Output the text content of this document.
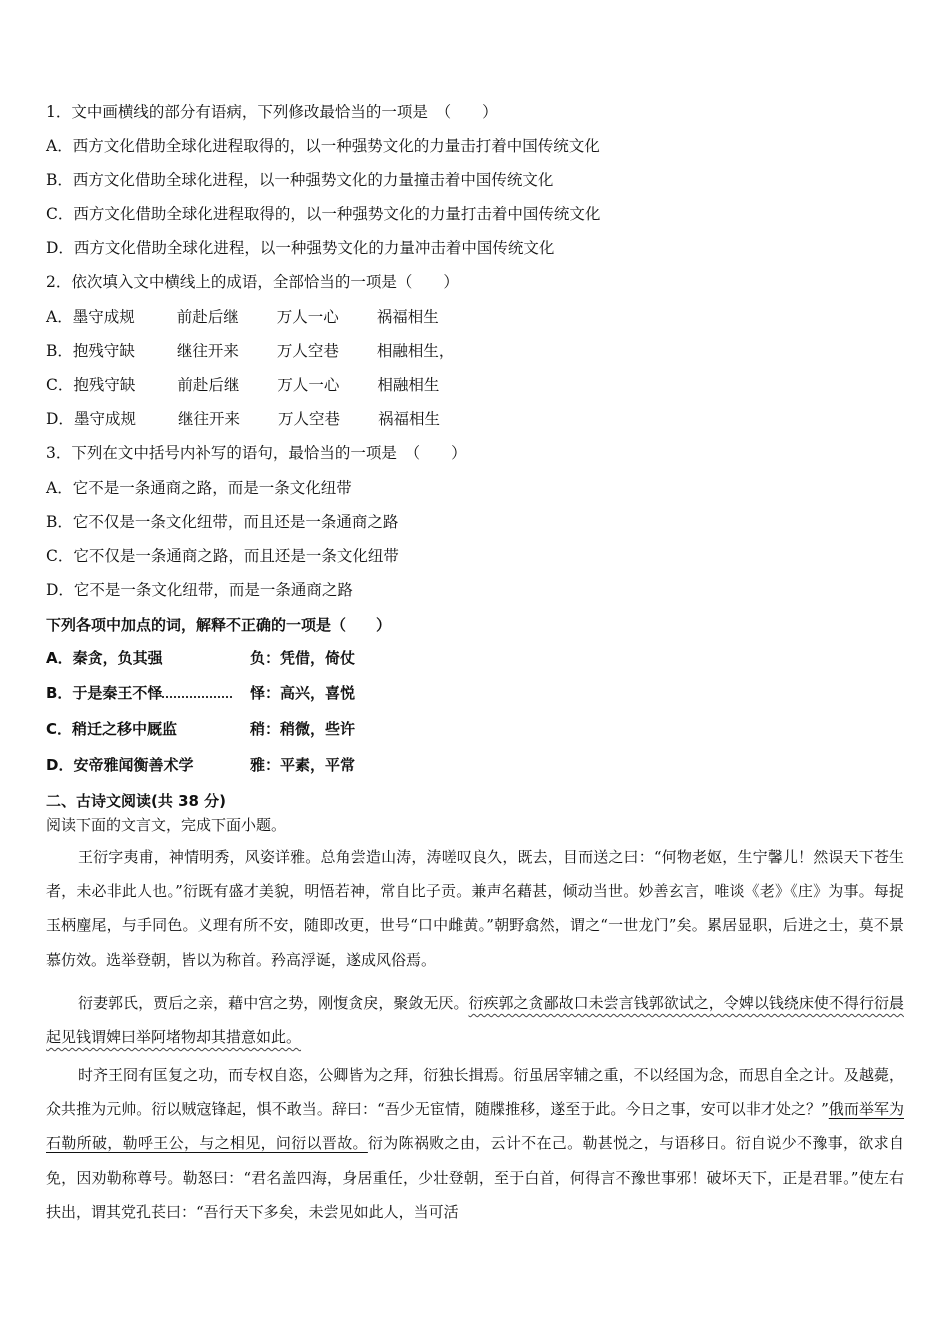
1．文中画横线的部分有语病，下列修改最恰当的一项是　（　　）
A．西方文化借助全球化进程取得的，以一种强势文化的力量击打着中国传统文化
B．西方文化借助全球化进程，以一种强势文化的力量撞击着中国传统文化
C．西方文化借助全球化进程取得的，以一种强势文化的力量打击着中国传统文化
D．西方文化借助全球化进程，以一种强势文化的力量冲击着中国传统文化
2．依次填入文中横线上的成语，全部恰当的一项是（　　）
A．墨守成规	前赴后继 万人一心 祸福相生
B．抱残守缺	继往开来 万人空巷 相融相生，
C．抱残守缺	前赴后继 万人一心 相融相生
D．墨守成规	继往开来 万人空巷 祸福相生
3．下列在文中括号内补写的语句，最恰当的一项是　（　　）
A．它不是一条通商之路，而是一条文化纽带
B．它不仅是一条文化纽带，而且还是一条通商之路
C．它不仅是一条通商之路，而且还是一条文化纽带
D．它不是一条文化纽带，而是一条通商之路
下列各项中加点的词，解释不正确的一项是（　　）
A．秦贪，负其强	负：凭借，倚仗
B．于是秦王不怿	怿：高兴，喜悦
C．稍迁之移中厩监	稍：稍微，些许
D．安帝雅闻衡善术学	雅：平素，平常
二、古诗文阅读(共 38 分)
阅读下面的文言文，完成下面小题。
王衍字夷甫，神情明秀，风姿详雅。总角尝造山涛，涛嗟叹良久，既去，目而送之曰：“何物老妪，生宁馨儿！然误天下苍生者，未必非此人也。”衍既有盛才美貌，明悟若神，常自比子贡。兼声名藉甚，倾动当世。妙善玄言，唯谈《老》《庄》为事。每捉玉柄麈尾，与手同色。义理有所不安，随即改更，世号“口中雌黄。”朝野翕然，谓之“一世龙门”矣。累居显职，后进之士，莫不景慕仿效。选举登朝，皆以为称首。矜高浮诞，遂成风俗焉。
衍妻郭氏，贾后之亲，藉中宫之势，刚愎贪戾，聚敛无厌。衍疾郭之贪鄙故口未尝言钱郭欲试之，令婢以钱绕床使不得行衍晨起见钱谓婢曰举阿堵物却其措意如此。
时齐王冏有匡复之功，而专权自恣，公卿皆为之拜，衍独长揖焉。衍虽居宰辅之重，不以经国为念，而思自全之计。及越薨，众共推为元帅。衍以贼寇锋起，惧不敢当。辞曰：“吾少无宦情，随牒推移，遂至于此。今日之事，安可以非才处之？”俄而举军为石勒所破，勒呼王公，与之相见，问衍以晋故。衍为陈祸败之由，云计不在己。勒甚悦之，与语移日。衍自说少不豫事，欲求自免，因劝勒称尊号。勒怒曰：“君名盖四海，身居重任，少壮登朝，至于白首，何得言不豫世事邪！破坏天下，正是君罪。”使左右扶出，谓其党孔苌曰：“吾行天下多矣，未尝见如此人，当可活
